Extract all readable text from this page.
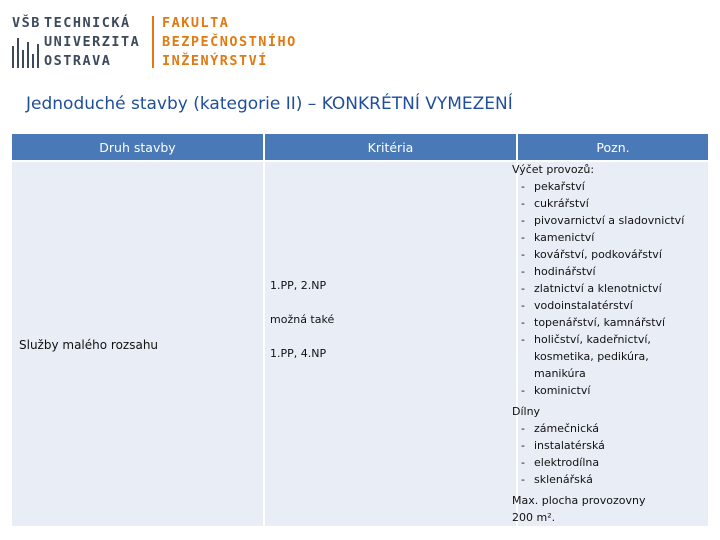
VŠB TECHNICKÁ
UNIVERZITA
OSTRAVA
FAKULTA
BEZPEČNOSTNÍHO
INŽENÝRSTVÍ
Jednoduché stavby (kategorie II) – KONKRÉTNÍ VYMEZENÍ
Druh stavby	Kritéria	Pozn.
Služby malého rozsahu
1.PP, 2.NP
možná také
1.PP, 4.NP
Výčet provozů:
- pekařství
- cukrářství
- pivovarnictví a sladovnictví
- kamenictví
- kovářství, podkovářství
- hodinářství
- zlatnictví a klenotnictví
- vodoinstalatérství
- topenářství, kamnářství
- holičství, kadeřnictví,
kosmetika, pedikúra,
manikúra
- kominictví
Dílny
- zámečnická
- instalatérská
- elektrodílna
- sklenářská
Max. plocha provozovny
200 m².
